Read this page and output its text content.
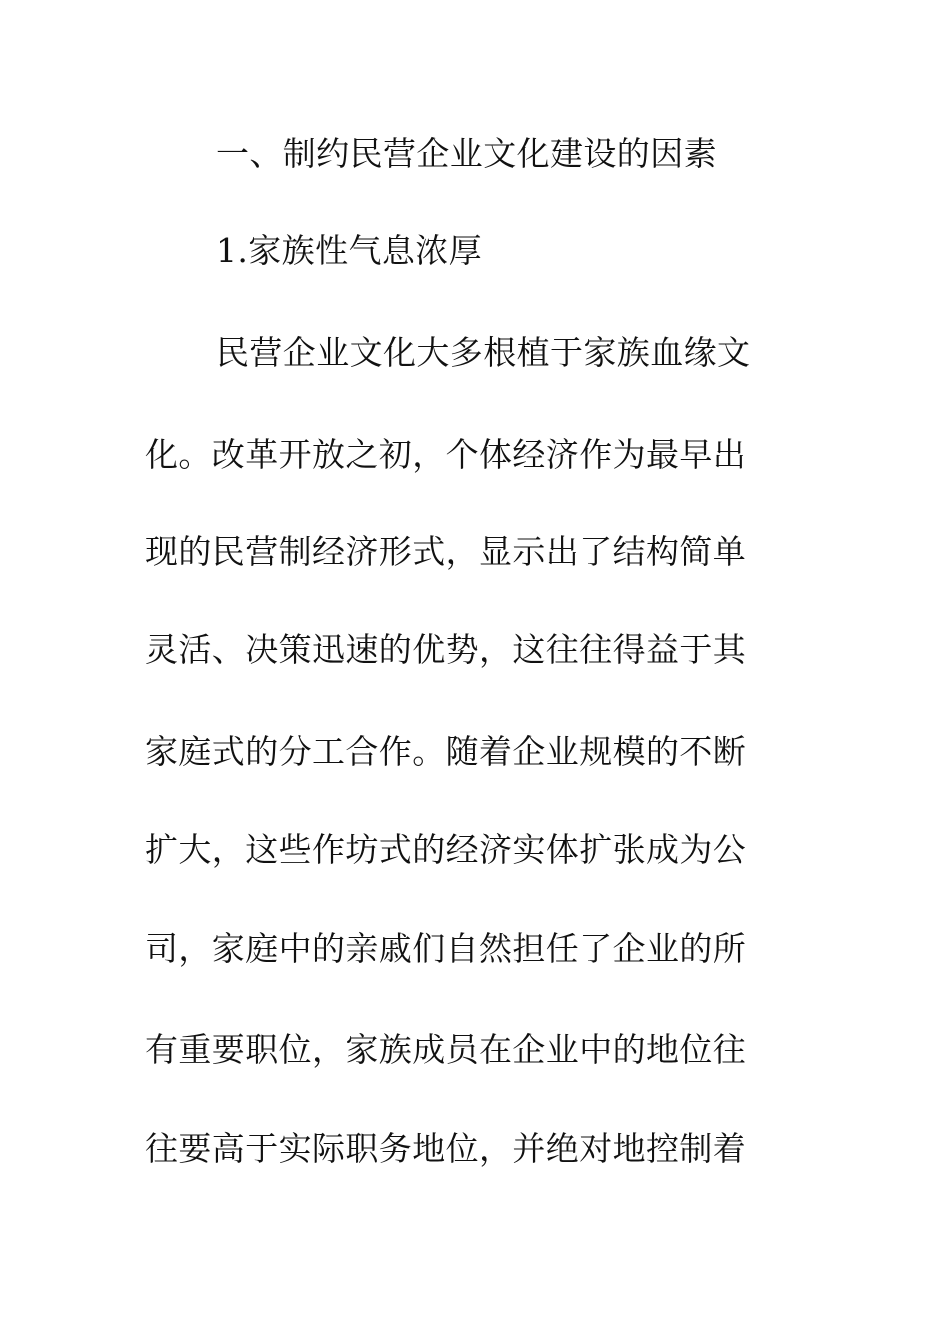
一、制约民营企业文化建设的因素
1.家族性气息浓厚
民营企业文化大多根植于家族血缘文
化。改革开放之初，个体经济作为最早出
现的民营制经济形式，显示出了结构简单
灵活、决策迅速的优势，这往往得益于其
家庭式的分工合作。随着企业规模的不断
扩大，这些作坊式的经济实体扩张成为公
司，家庭中的亲戚们自然担任了企业的所
有重要职位，家族成员在企业中的地位往
往要高于实际职务地位，并绝对地控制着
